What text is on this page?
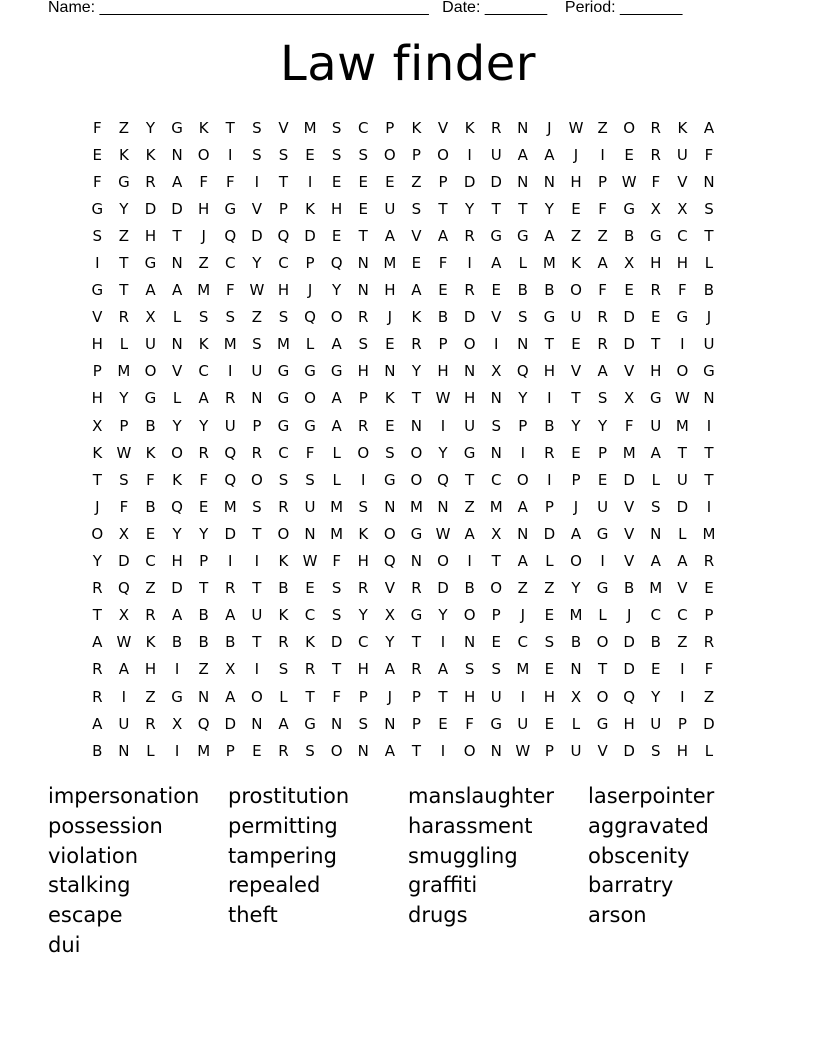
Name: _____________________________________   Date: _______    Period: _______
Law finder
F	Z	Y	G	K	T	S	V M	S	C	P	K	V	K	R	N	J	W Z	O	R	K	A
E	K	K	N	O	I	S	S	E	S	S	O	P	O	I	U	A	A	J	I	E	R	U	F
F	G	R	A	F	F	I	T	I	E	E	E	Z	P	D	D	N	N	H	P W F	V	N
G	Y	D	D	H	G	V	P	K	H	E	U	S	T	Y	T	T	Y	E	F	G	X	X	S
S	Z	H	T	J	Q D Q D	E	T	A	V	A	R	G G	A	Z	Z	B	G	C	T
I	T	G	N	Z	C	Y	C	P	Q	N M	E	F	I	A	L	M	K	A	X	H	H	L
G	T	A	A M	F W H	J	Y	N	H	A	E	R	E	B	B	O	F	E	R	F	B
V	R	X	L	S	S	Z	S	Q O	R	J	K	B	D	V	S	G	U	R	D	E	G	J
H	L	U	N	K	M	S	M	L	A	S	E	R	P	O	I	N	T	E	R	D	T	I	U
P	M O	V	C	I	U	G G G	H	N	Y	H	N	X	Q	H	V	A	V	H	O G
H	Y	G	L	A	R	N	G O	A	P	K	T W H	N	Y	I	T	S	X	G W N
X	P	B	Y	Y	U	P	G G	A	R	E	N	I	U	S	P	B	Y	Y	F	U M	I
K W K	O	R	Q	R	C	F	L	O	S	O	Y	G	N	I	R	E	P	M A	T	T
T	S	F	K	F	Q O	S	S	L	I	G O Q	T	C	O	I	P	E	D	L	U	T
J	F	B	Q	E	M	S	R	U M	S	N M N	Z M A	P	J	U	V	S	D	I
O	X	E	Y	Y	D	T	O	N M	K	O G W A	X	N	D	A	G	V	N	L	M
Y	D	C	H	P	I	I	K W F	H	Q	N	O	I	T	A	L	O	I	V	A	A	R
R	Q	Z	D	T	R	T	B	E	S	R	V	R	D	B	O	Z	Z	Y	G	B M V	E
T	X	R	A	B	A	U	K	C	S	Y	X	G	Y	O	P	J	E	M	L	J	C	C	P
A W K	B	B	B	T	R	K	D	C	Y	T	I	N	E	C	S	B	O D	B	Z	R
R	A	H	I	Z	X	I	S	R	T	H	A	R	A	S	S	M	E	N	T	D	E	I	F
R	I	Z	G	N	A	O	L	T	F	P	J	P	T	H	U	I	H	X	O Q	Y	I	Z
A	U	R	X	Q D	N	A	G	N	S	N	P	E	F	G	U	E	L	G	H	U	P	D
B	N	L	I	M	P	E	R	S	O	N	A	T	I	O	N W P	U	V	D	S	H	L
impersonation	prostitution	manslaughter	laserpointer
possession	permitting	harassment	aggravated
violation	tampering	smuggling	obscenity
stalking	repealed	graffiti	barratry
escape	theft	drugs	arson
dui
